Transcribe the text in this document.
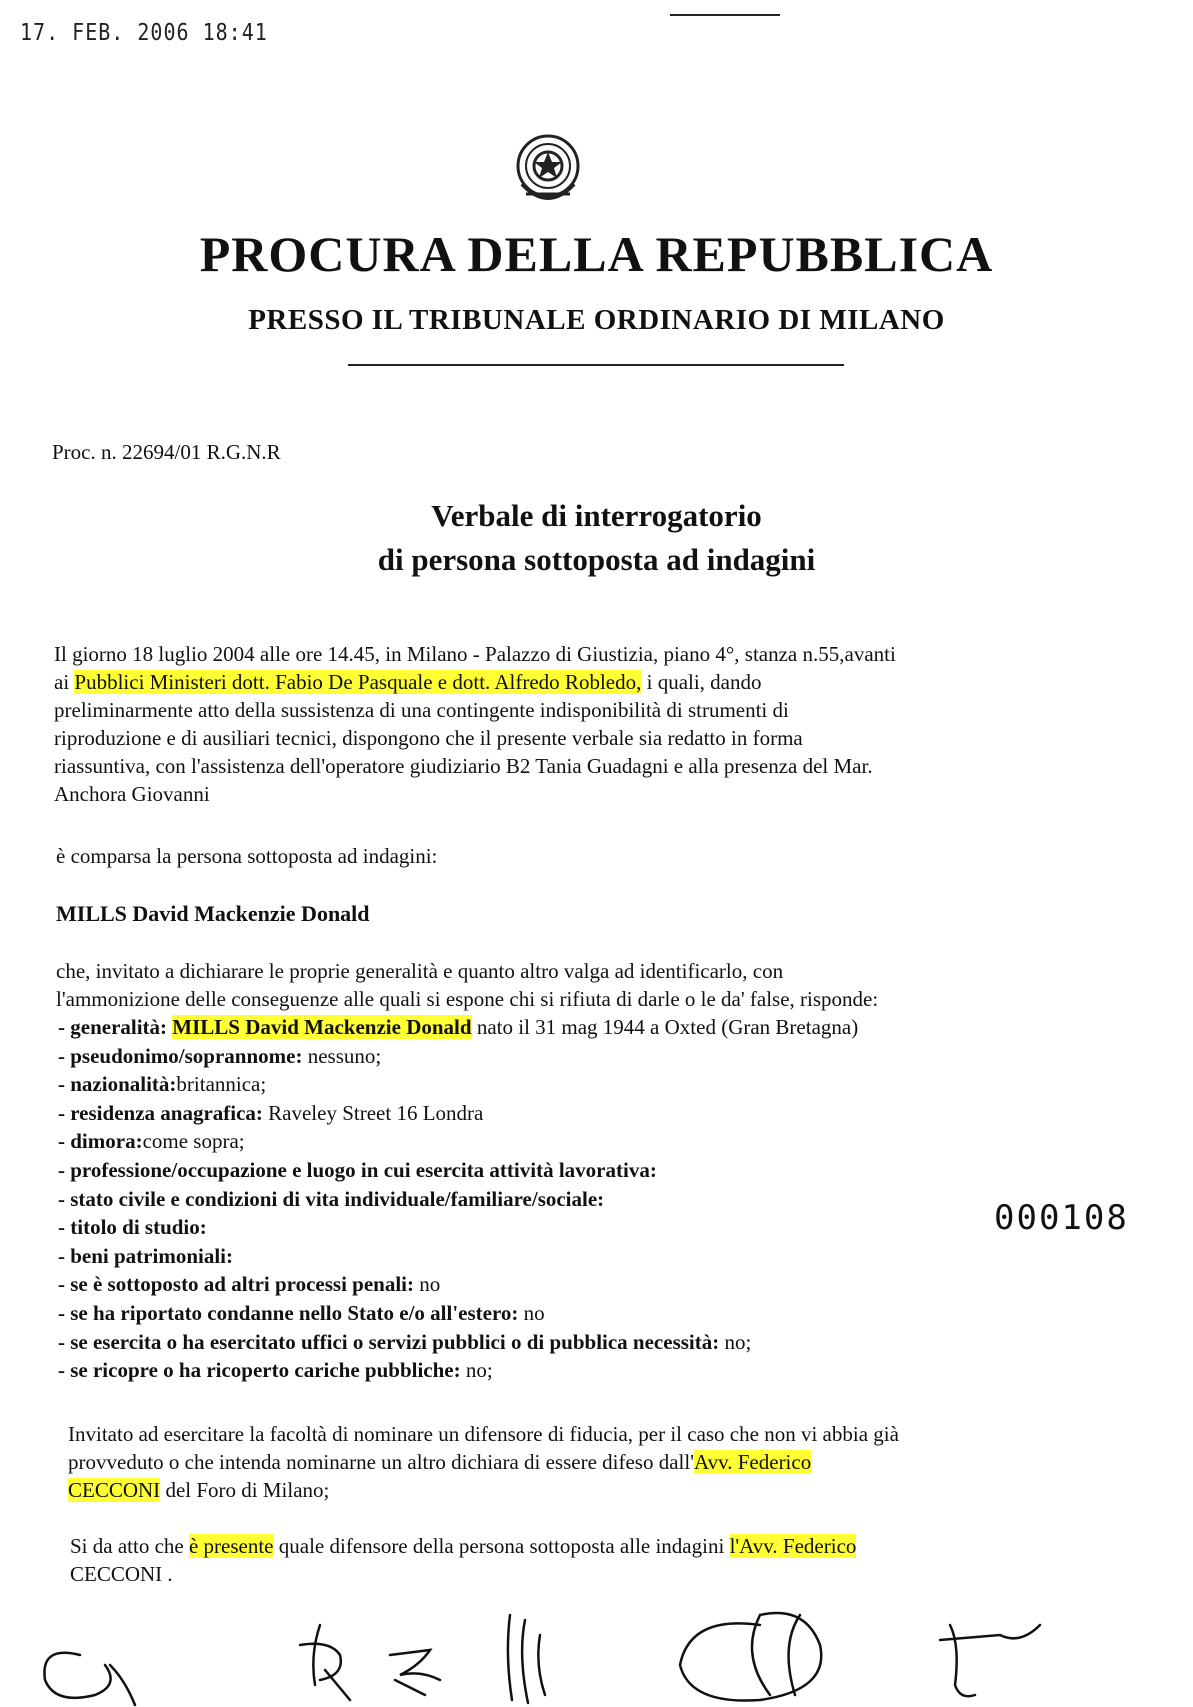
17. FEB. 2006 18:41
PROCURA DELLA REPUBBLICA
PRESSO IL TRIBUNALE ORDINARIO DI MILANO
Proc. n. 22694/01 R.G.N.R
Verbale di interrogatorio
di persona sottoposta ad indagini
Il giorno 18 luglio 2004 alle ore 14.45, in Milano - Palazzo di Giustizia, piano 4°, stanza n.55,avanti
ai Pubblici Ministeri dott. Fabio De Pasquale e dott. Alfredo Robledo, i quali, dando
preliminarmente atto della sussistenza di una contingente indisponibilità di strumenti di
riproduzione e di ausiliari tecnici, dispongono che il presente verbale sia redatto in forma
riassuntiva, con l'assistenza dell'operatore giudiziario B2 Tania Guadagni e alla presenza del Mar.
Anchora Giovanni
è comparsa la persona sottoposta ad indagini:
MILLS David Mackenzie Donald
che, invitato a dichiarare le proprie generalità e quanto altro valga ad identificarlo, con
l'ammonizione delle conseguenze alle quali si espone chi si rifiuta di darle o le da' false, risponde:
- generalità: MILLS David Mackenzie Donald nato il 31 mag 1944 a Oxted (Gran Bretagna)
- pseudonimo/soprannome: nessuno;
- nazionalità:britannica;
- residenza anagrafica: Raveley Street 16 Londra
- dimora:come sopra;
- professione/occupazione e luogo in cui esercita attività lavorativa:
- stato civile e condizioni di vita individuale/familiare/sociale:
- titolo di studio:
- beni patrimoniali:
- se è sottoposto ad altri processi penali: no
- se ha riportato condanne nello Stato e/o all'estero: no
- se esercita o ha esercitato uffici o servizi pubblici o di pubblica necessità: no;
- se ricopre o ha ricoperto cariche pubbliche: no;
000108
Invitato ad esercitare la facoltà di nominare un difensore di fiducia, per il caso che non vi abbia già
provveduto o che intenda nominarne un altro dichiara di essere difeso dall'Avv. Federico
CECCONI del Foro di Milano;
Si da atto che è presente quale difensore della persona sottoposta alle indagini l'Avv. Federico
CECCONI .
